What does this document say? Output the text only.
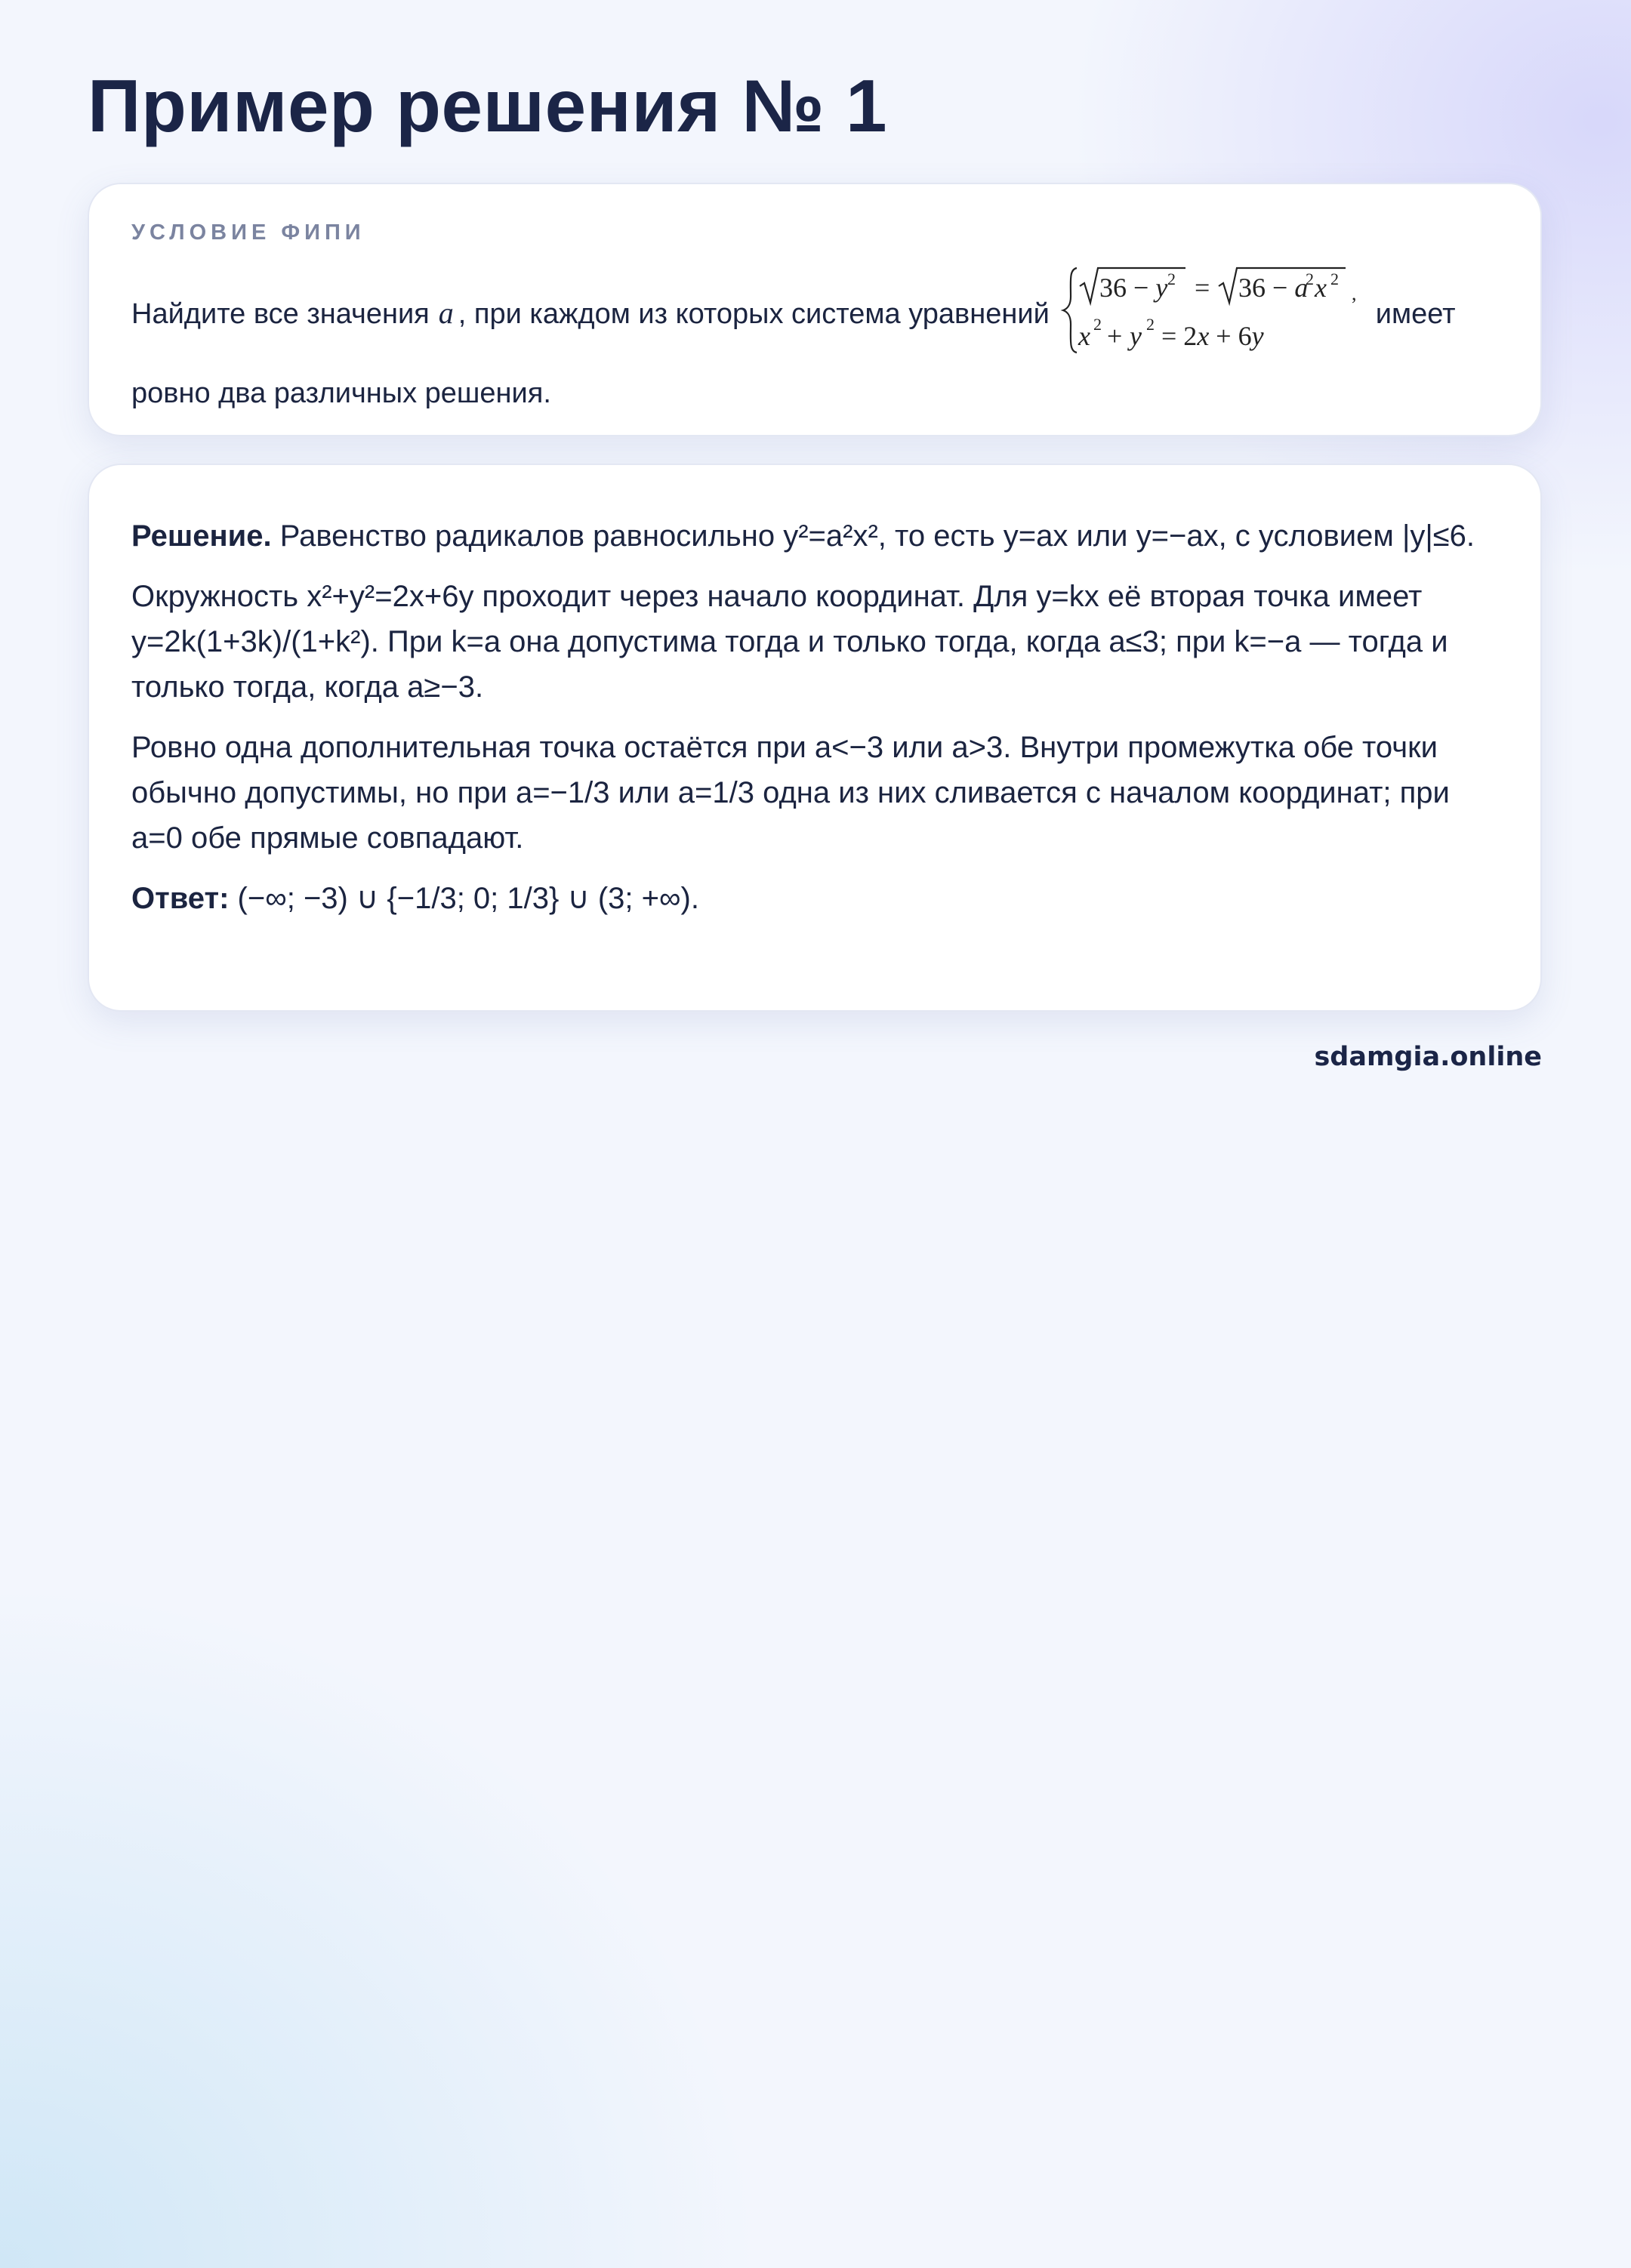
Пример решения № 1
УСЛОВИЕ ФИПИ
Найдите все значения a , при каждом из которых система уравнений
36 − y 2 = 36 − a
2 x 2
,
x 2 + y 2 = 2x + 6y
имеет ровно два различных решения.

Решение. Равенство радикалов равносильно y²=a²x², то есть y=ax или y=−ax, с условием |y|≤6.

Окружность x²+y²=2x+6y проходит через начало координат. Для y=kx её вторая точка имеет y=2k(1+3k)/(1+k²). При k=a она допустима тогда и только тогда, когда a≤3; при k=−a — тогда и только тогда, когда a≥−3.

Ровно одна дополнительная точка остаётся при a<−3 или a>3. Внутри промежутка обе точки обычно допустимы, но при a=−1/3 или a=1/3 одна из них сливается с началом координат; при a=0 обе прямые совпадают.

Ответ: (−∞; −3) ∪ {−1/3; 0; 1/3} ∪ (3; +∞).

sdamgia.online
